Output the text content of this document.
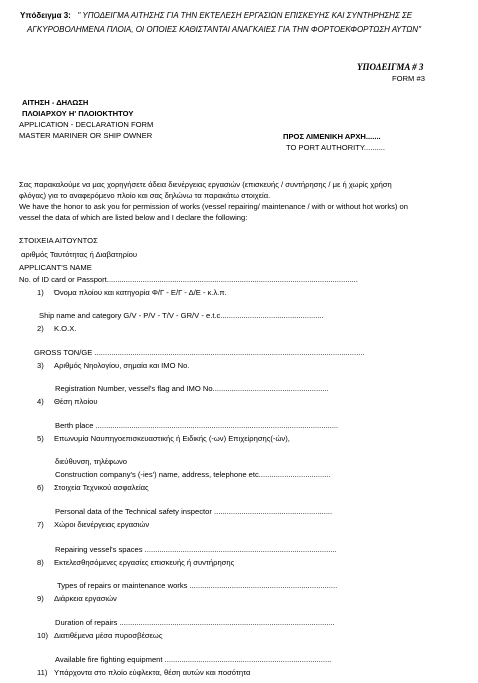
Υπόδειγμα 3: " ΥΠΟΔΕΙΓΜΑ ΑΙΤΗΣΗΣ ΓΙΑ ΤΗΝ ΕΚΤΕΛΕΣΗ ΕΡΓΑΣΙΩΝ ΕΠΙΣΚΕΥΗΣ ΚΑΙ ΣΥΝΤΗΡΗΣΗΣ ΣΕ
ΑΓΚΥΡΟΒΟΛΗΜΕΝΑ ΠΛΟΙΑ, ΟΙ ΟΠΟΙΕΣ ΚΑΘΙΣΤΑΝΤΑΙ ΑΝΑΓΚΑΙΕΣ ΓΙΑ ΤΗΝ ΦΟΡΤΟΕΚΦΟΡΤΩΣΗ ΑΥΤΩΝ"
ΥΠΟΔΕΙΓΜΑ # 3
FORM #3
ΑΙΤΗΣΗ - ΔΗΛΩΣΗ
ΠΛΟΙΑΡΧΟΥ Η' ΠΛΟΙΟΚΤΗΤΟΥ
APPLICATION - DECLARATION FORM
MASTER MARINER OR SHIP OWNER	ΠΡΟΣ ΛΙΜΕΝΙΚΗ ΑΡΧΗ.......
TO PORT AUTHORITY..........
Σας παρακαλούμε να μας χορηγήσετε άδεια διενέργειας εργασιών (επισκευής / συντήρησης / με ή χωρίς χρήση
φλόγας) για το αναφερόμενο πλοίο και σας δηλώνω τα παρακάτω στοιχεία.
We have the honor to ask you for permission of works (vessel repairing/ maintenance / with or without hot works) on
vessel the data of which are listed below and I declare the following:
ΣΤΟΙΧΕΙΑ ΑΙΤΟΥΝΤΟΣ
αριθμός Ταυτότητας ή Διαβατηρίου
APPLICANT'S NAME
No. of ID card or Passport.......................................................................................................................
1) Όνομα πλοίου και κατηγορία Φ/Γ - Ε/Γ - Δ/Ε - κ.λ.π.
Ship name and category G/V - P/V - T/V - GR/V - e.t.c.................................................
2) Κ.Ο.Χ.
GROSS TON/GE ................................................................................................................................
3) Αριθμός Νηολογίου, σημαία και ΙΜΟ Νο.
Registration Number, vessel's flag and IMO No.......................................................
4) Θέση πλοίου
Berth place ...................................................................................................................
5) Επωνυμία Ναυπηγοεπισκευαστικής ή Ειδικής (-ων) Επιχείρησης(-ών),
διεύθυνση, τηλέφωνο
Construction company's (-ies') name, address, telephone etc..................................
6) Στοιχεία Τεχνικού ασφαλείας
Personal data of the Technical safety inspector ........................................................
7) Χώροι διενέργειας εργασιών
Repairing vessel's spaces ...........................................................................................
8) Εκτελεσθησόμενες εργασίες επισκευής ή συντήρησης
Types of repairs or maintenance works ......................................................................
9) Διάρκεια εργασιών
Duration of repairs ......................................................................................................
10) Διατιθέμενα μέσα πυροσβέσεως
Available fire fighting equipment ...............................................................................
11) Υπάρχοντα στο πλοίο εύφλεκτα, θέση αυτών και ποσότητα
